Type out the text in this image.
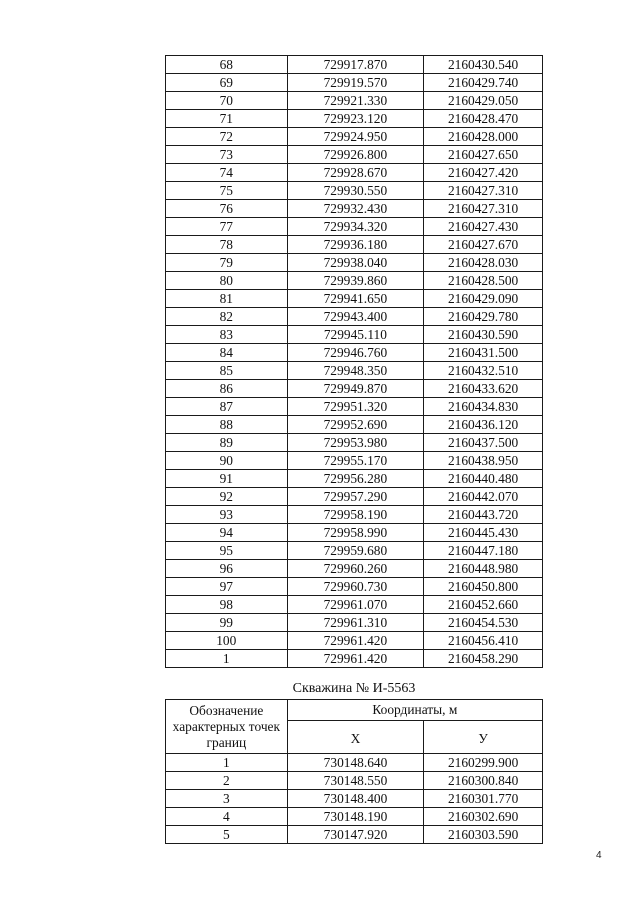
68	729917.870	2160430.540
69	729919.570	2160429.740
70	729921.330	2160429.050
71	729923.120	2160428.470
72	729924.950	2160428.000
73	729926.800	2160427.650
74	729928.670	2160427.420
75	729930.550	2160427.310
76	729932.430	2160427.310
77	729934.320	2160427.430
78	729936.180	2160427.670
79	729938.040	2160428.030
80	729939.860	2160428.500
81	729941.650	2160429.090
82	729943.400	2160429.780
83	729945.110	2160430.590
84	729946.760	2160431.500
85	729948.350	2160432.510
86	729949.870	2160433.620
87	729951.320	2160434.830
88	729952.690	2160436.120
89	729953.980	2160437.500
90	729955.170	2160438.950
91	729956.280	2160440.480
92	729957.290	2160442.070
93	729958.190	2160443.720
94	729958.990	2160445.430
95	729959.680	2160447.180
96	729960.260	2160448.980
97	729960.730	2160450.800
98	729961.070	2160452.660
99	729961.310	2160454.530
100	729961.420	2160456.410
1	729961.420	2160458.290
Скважина № И-5563
Обозначение характерных точек границ	Координаты, м	
	X	У
1	730148.640	2160299.900
2	730148.550	2160300.840
3	730148.400	2160301.770
4	730148.190	2160302.690
5	730147.920	2160303.590
4
